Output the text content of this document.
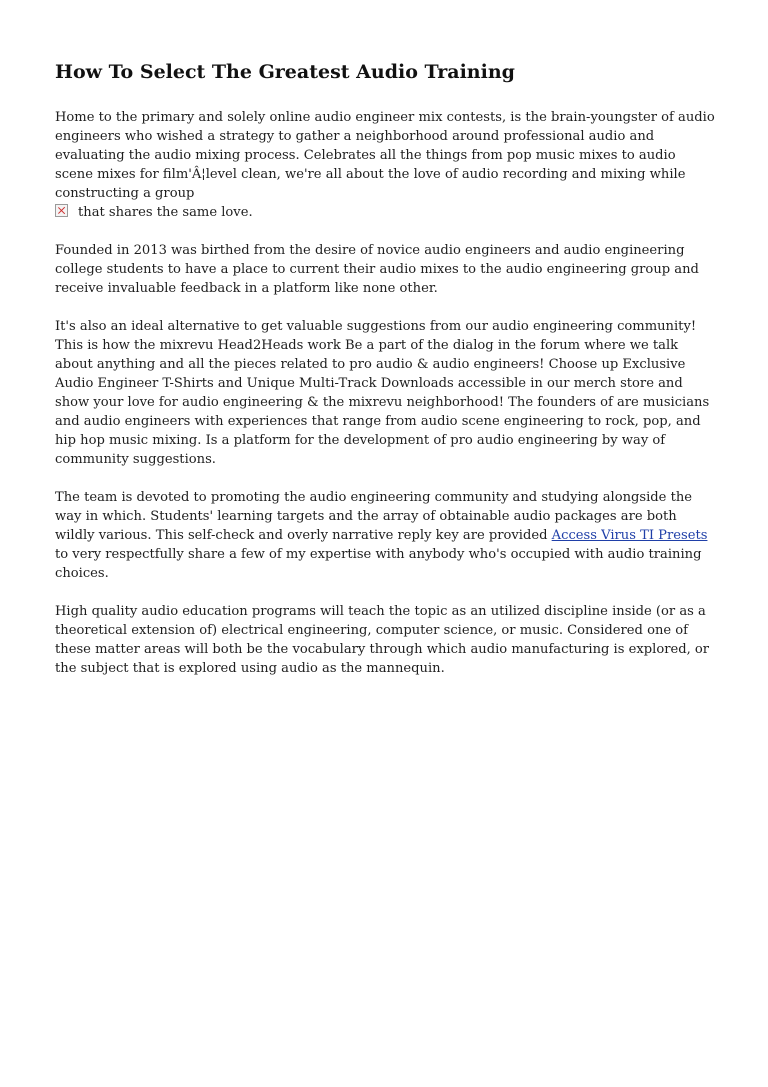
How To Select The Greatest Audio Training

Home to the primary and solely online audio engineer mix contests, is the brain-youngster of audio engineers who wished a strategy to gather a neighborhood around professional audio and evaluating the audio mixing process. Celebrates all the things from pop music mixes to audio scene mixes for film'Â¦level clean, we're all about the love of audio recording and mixing while constructing a group
that shares the same love.

Founded in 2013 was birthed from the desire of novice audio engineers and audio engineering college students to have a place to current their audio mixes to the audio engineering group and receive invaluable feedback in a platform like none other.

It's also an ideal alternative to get valuable suggestions from our audio engineering community! This is how the mixrevu Head2Heads work Be a part of the dialog in the forum where we talk about anything and all the pieces related to pro audio & audio engineers! Choose up Exclusive Audio Engineer T-Shirts and Unique Multi-Track Downloads accessible in our merch store and show your love for audio engineering & the mixrevu neighborhood! The founders of are musicians and audio engineers with experiences that range from audio scene engineering to rock, pop, and hip hop music mixing. Is a platform for the development of pro audio engineering by way of community suggestions.

The team is devoted to promoting the audio engineering community and studying alongside the way in which. Students' learning targets and the array of obtainable audio packages are both wildly various. This self-check and overly narrative reply key are provided Access Virus TI Presets to very respectfully share a few of my expertise with anybody who's occupied with audio training choices.

High quality audio education programs will teach the topic as an utilized discipline inside (or as a theoretical extension of) electrical engineering, computer science, or music. Considered one of these matter areas will both be the vocabulary through which audio manufacturing is explored, or the subject that is explored using audio as the mannequin.
